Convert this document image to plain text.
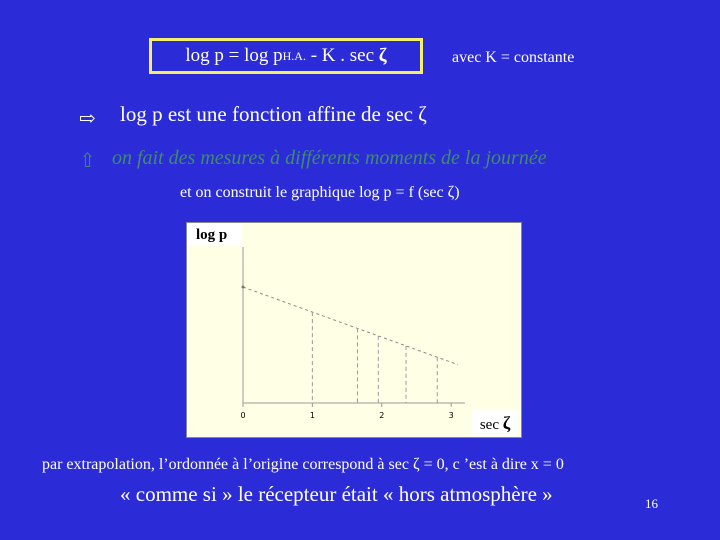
log p = log p H.A. - K . sec ζ	avec K = constante
⇨ log p est une fonction affine de sec ζ
⇧ on fait des mesures à différents moments de la journée
et on construit le graphique log p = f (sec ζ)
0	1	2	3
log p
sec ζ
par extrapolation, l’ordonnée à l’origine correspond à sec ζ = 0, c ’est à dire x = 0
« comme si » le récepteur était « hors atmosphère »	16
